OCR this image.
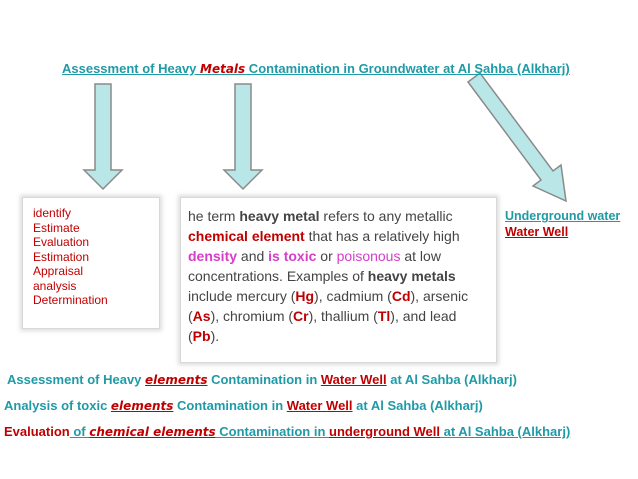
Assessment of Heavy Metals Contamination in Groundwater at Al Sahba (Alkharj)
identify
Estimate
Evaluation
Estimation
Appraisal
analysis
Determination
he term heavy metal refers to any metallic chemical element that has a relatively high density and is toxic or poisonous at low concentrations. Examples of heavy metals include mercury (Hg), cadmium (Cd), arsenic (As), chromium (Cr), thallium (Tl), and lead (Pb).
Underground water
Water Well
Assessment of Heavy elements Contamination in Water Well at Al Sahba (Alkharj)
Analysis of toxic elements Contamination in Water Well at Al Sahba (Alkharj)
Evaluation of chemical elements Contamination in underground Well at Al Sahba (Alkharj)
